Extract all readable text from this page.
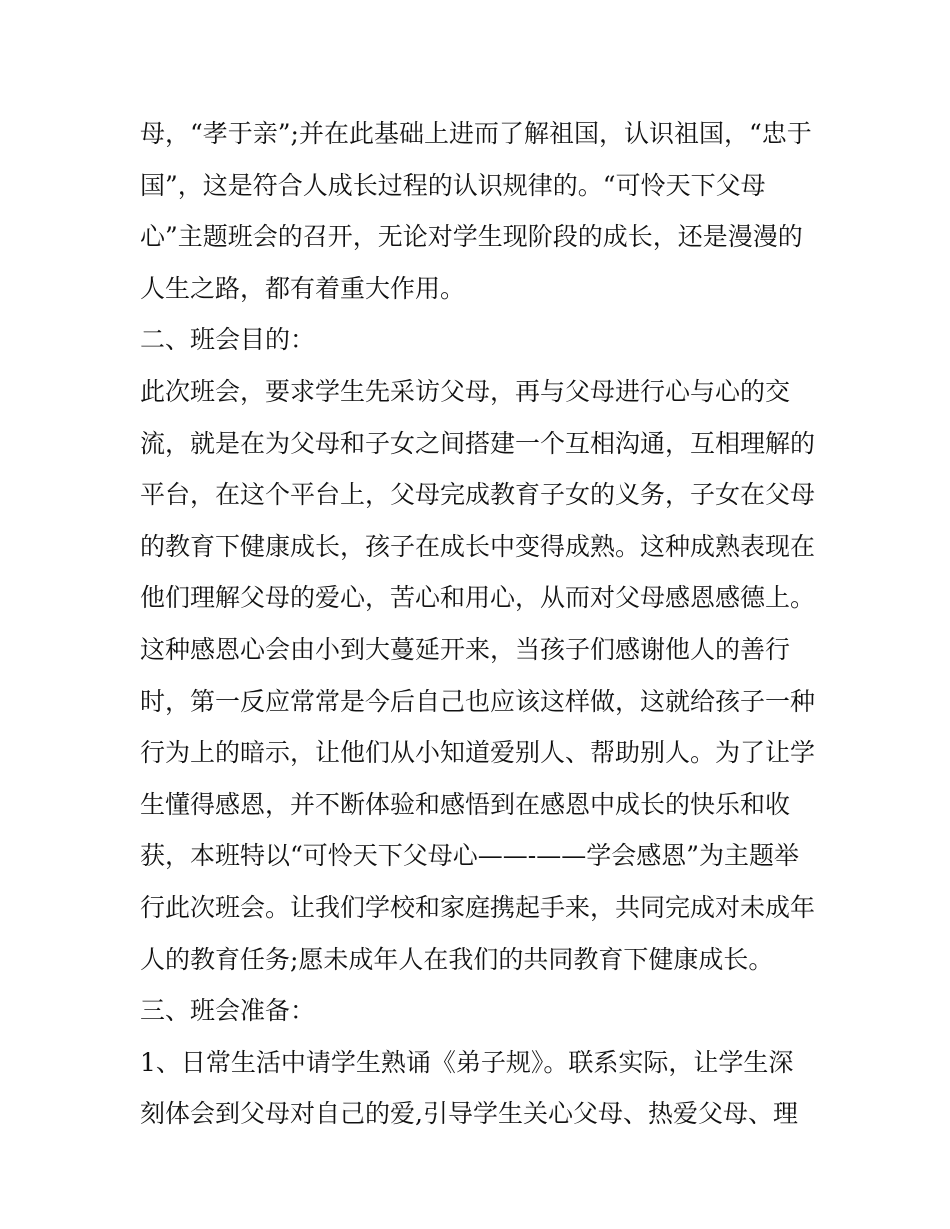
母，“孝于亲”;并在此基础上进而了解祖国，认识祖国，“忠于
国”，这是符合人成长过程的认识规律的。“可怜天下父母
心”主题班会的召开，无论对学生现阶段的成长，还是漫漫的
人生之路，都有着重大作用。
二、班会目的：
此次班会，要求学生先采访父母，再与父母进行心与心的交
流，就是在为父母和子女之间搭建一个互相沟通，互相理解的
平台，在这个平台上，父母完成教育子女的义务，子女在父母
的教育下健康成长，孩子在成长中变得成熟。这种成熟表现在
他们理解父母的爱心，苦心和用心，从而对父母感恩感德上。
这种感恩心会由小到大蔓延开来，当孩子们感谢他人的善行
时，第一反应常常是今后自己也应该这样做，这就给孩子一种
行为上的暗示，让他们从小知道爱别人、帮助别人。为了让学
生懂得感恩，并不断体验和感悟到在感恩中成长的快乐和收
获，本班特以“可怜天下父母心——-——学会感恩”为主题举
行此次班会。让我们学校和家庭携起手来，共同完成对未成年
人的教育任务;愿未成年人在我们的共同教育下健康成长。
三、班会准备：
1、日常生活中请学生熟诵《弟子规》。联系实际，让学生深
刻体会到父母对自己的爱,引导学生关心父母、热爱父母、理
